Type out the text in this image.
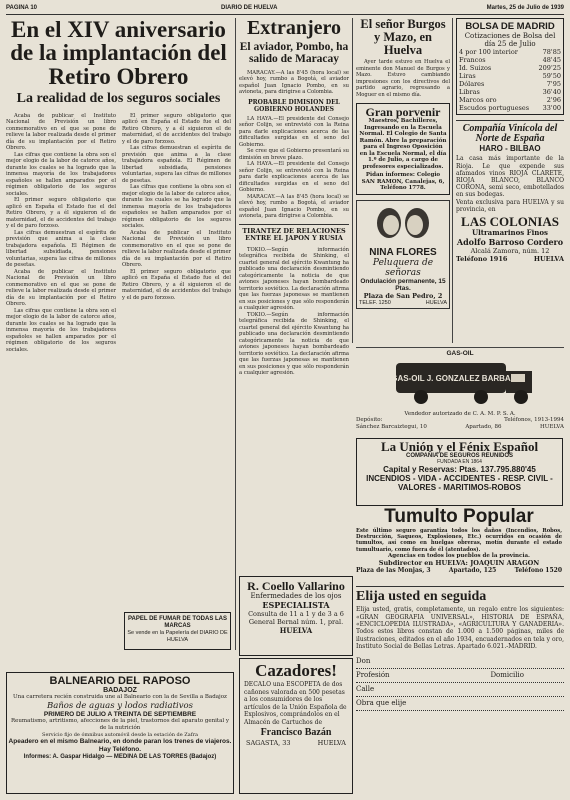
PAGINA 10	DIARIO DE HUELVA	Martes, 25 de Julio de 1939
En el XIV aniversario de la implantación del Retiro Obrero
La realidad de los seguros sociales

Acaba de publicar el Instituto Nacional de Previsión un libro conmemorativo en el que se pone de relieve la labor realizada desde el primer día de su implantación por el Retiro Obrero.

Las cifras que contiene la obra son el mejor elogio de la labor de catorce años, durante los cuales se ha logrado que la inmensa mayoría de los trabajadores españoles se hallen amparados por el régimen obligatorio de los seguros sociales.

El primer seguro obligatorio que aplicó en España el Estado fue el del Retiro Obrero, y a él siguieron el de maternidad, el de accidentes del trabajo y el de paro forzoso.

Las cifras demuestran el espíritu de previsión que anima a la clase trabajadora española. El Régimen de libertad subsidiada, pensiones voluntarias, supera las cifras de millones de pesetas.

Acaba de publicar el Instituto Nacional de Previsión un libro conmemorativo en el que se pone de relieve la labor realizada desde el primer día de su implantación por el Retiro Obrero.

Las cifras que contiene la obra son el mejor elogio de la labor de catorce años, durante los cuales se ha logrado que la inmensa mayoría de los trabajadores españoles se hallen amparados por el régimen obligatorio de los seguros sociales.

El primer seguro obligatorio que aplicó en España el Estado fue el del Retiro Obrero, y a él siguieron el de maternidad, el de accidentes del trabajo y el de paro forzoso.

Las cifras demuestran el espíritu de previsión que anima a la clase trabajadora española. El Régimen de libertad subsidiada, pensiones voluntarias, supera las cifras de millones de pesetas.

Las cifras que contiene la obra son el mejor elogio de la labor de catorce años, durante los cuales se ha logrado que la inmensa mayoría de los trabajadores españoles se hallen amparados por el régimen obligatorio de los seguros sociales.

Acaba de publicar el Instituto Nacional de Previsión un libro conmemorativo en el que se pone de relieve la labor realizada desde el primer día de su implantación por el Retiro Obrero.

El primer seguro obligatorio que aplicó en España el Estado fue el del Retiro Obrero, y a él siguieron el de maternidad, el de accidentes del trabajo y el de paro forzoso.

PAPEL DE FUMAR DE TODAS LAS MARCAS
Se vende en la Papelería del DIARIO DE HUELVA
Extranjero
El aviador, Pombo, ha salido de Maracay

MARACAY.—A las 8'45 (hora local) se elevó hoy, rumbo a Bogotá, el aviador español Juan Ignacio Pombo, en su avioneta, para dirigirse a Colombia.

PROBABLE DIMISION DEL GOBIERNO HOLANDES

LA HAYA.—El presidente del Consejo señor Colijn, se entrevistó con la Reina para darle explicaciones acerca de las dificultades surgidas en el seno del Gobierno.

Se cree que el Gobierno presentará su dimisión en breve plazo.

LA HAYA.—El presidente del Consejo señor Colijn, se entrevistó con la Reina para darle explicaciones acerca de las dificultades surgidas en el seno del Gobierno.

MARACAY.—A las 8'45 (hora local) se elevó hoy, rumbo a Bogotá, el aviador español Juan Ignacio Pombo, en su avioneta, para dirigirse a Colombia.

TIRANTEZ DE RELACIONES ENTRE EL JAPON Y RUSIA

TOKIO.—Según información telegráfica recibida de Shinking, el cuartel general del ejército Kwantung ha publicado una declaración desmintiendo categóricamente la noticia de que aviones japoneses hayan bombardeado territorio soviético. La declaración afirma que las fuerzas japonesas se mantienen en sus posiciones y que sólo responderán a cualquier agresión.

TOKIO.—Según información telegráfica recibida de Shinking, el cuartel general del ejército Kwantung ha publicado una declaración desmintiendo categóricamente la noticia de que aviones japoneses hayan bombardeado territorio soviético. La declaración afirma que las fuerzas japonesas se mantienen en sus posiciones y que sólo responderán a cualquier agresión.

El señor Burgos y Mazo, en Huelva

Ayer tarde estuvo en Huelva el eminente don Manuel de Burgos y Mazo. Estuvo cambiando impresiones con los directivos del partido agrario, regresando a Moguer en el mismo día.

Gran porvenir
Maestros, Bachilleres, Ingresando en la Escuela Normal. El Colegio de Santa Ramón. Abre la preparación para el Ingreso Oposición en la Escuela Normal, el día 1.º de Julio, a cargo de profesores especializados.
Pidan informes: Colegio SAN RAMON, Canalejas, 6, Teléfono 1778.
NINA FLORES
Peluquera de señoras
Ondulación permanente, 15 Ptas.
Plaza de San Pedro, 2
TELEF. 1250	HUELVA
BOLSA DE MADRID
Cotizaciones de Bolsa del día 25 de Julio
4 por 100 interior	78'85
Francos	48'45
Id. Suizos	209'25
Liras	59'50
Dólares	7'95
Libras	36'40
Marcos oro	2'96
Escudos portugueses 33'00
Compañía Vinícola del Norte de España
HARO - BILBAO
La casa más importante de la Rioja. Le que expende sus afamados vinos RIOJA CLARETE, RIOJA BLANCO, BLANCO CORONA, semi seco, embotellados en sus bodegas.
Venta exclusiva para HUELVA y su provincia, en
LAS COLONIAS
Ultramarinos Finos
Adolfo Barroso Cordero
Alcalá Zamora, núm. 12
Teléfono 1916	HUELVA
GAS-OIL
GAS-OIL J. GONZALEZ BARBA
Vendedor autorizado de C. A. M. P. S. A.
Depósito:	Teléfonos, 1913-1994
Sánchez Barcaiztegui, 10	Apartado, 86	HUELVA
La Unión y el Fénix Español
COMPAÑIA DE SEGUROS REUNIDOS
FUNDADA EN 1864
Capital y Reservas: Ptas. 137.795.880'45
INCENDIOS - VIDA - ACCIDENTES - RESP. CIVIL - VALORES - MARITIMOS-ROBOS
Tumulto Popular
Este último seguro garantiza todos los daños (Incendios, Robos, Destrucción, Saqueos, Explosiones, Etc.) ocurridos en ocasión de tumultos, así como en huelgas obreras, motín durante el estado tumultuario, como fuera de él (atentados).
Agencias en todos los pueblos de la provincia.
Subdirector en HUELVA: JOAQUIN ARAGON
Plaza de las Monjas, 3	Apartado, 125	Teléfono 1520
R. Coello Vallarino
Enfermedades de los ojos
ESPECIALISTA
Consulta de 11 a 1 y de 3 a 6
General Bernal núm. 1, pral.
HUELVA
Cazadores!
DECALO una ESCOPETA de dos cañones valorada en 500 pesetas a los consumidores de los artículos de la Unión Española de Explosivos, comprándolos en el Almacén de Cartuchos de
Francisco Bazán
SAGASTA, 33	HUELVA
BALNEARIO DEL RAPOSO
BADAJOZ
Una carretera recién construida une al Balneario con la de Sevilla a Badajoz
Baños de aguas y lodos radiativos
PRIMERO DE JULIO A TREINTA DE SEPTIEMBRE
Reumatismo, artritismo, afecciones de la piel, trastornos del aparato genital y de la nutrición
Servicio fijo de ómnibus automóvil desde la estación de Zafra
Apeadero en el mismo Balneario, en donde paran los trenes de viajeros. Hay Teléfono.
Informes: A. Gaspar Hidalgo — MEDINA DE LAS TORRES (Badajoz)
Elija usted en seguida
Elija usted, gratis, completamente, un regalo entre los siguientes: «GRAN GEOGRAFIA UNIVERSAL», HISTORIA DE ESPAÑA, «ENCICLOPEDIA ILUSTRADA», «AGRICULTURA Y GANADERIA». Todos estos libros constan de 1.000 a 1.500 páginas, miles de ilustraciones, editados en el año 1934, encuadernados en tela y oro, Instituto Social de Bellas Letras. Apartado 6.021.-MADRID.
Don
Profesión	Domicilio
Calle
Obra que elije
